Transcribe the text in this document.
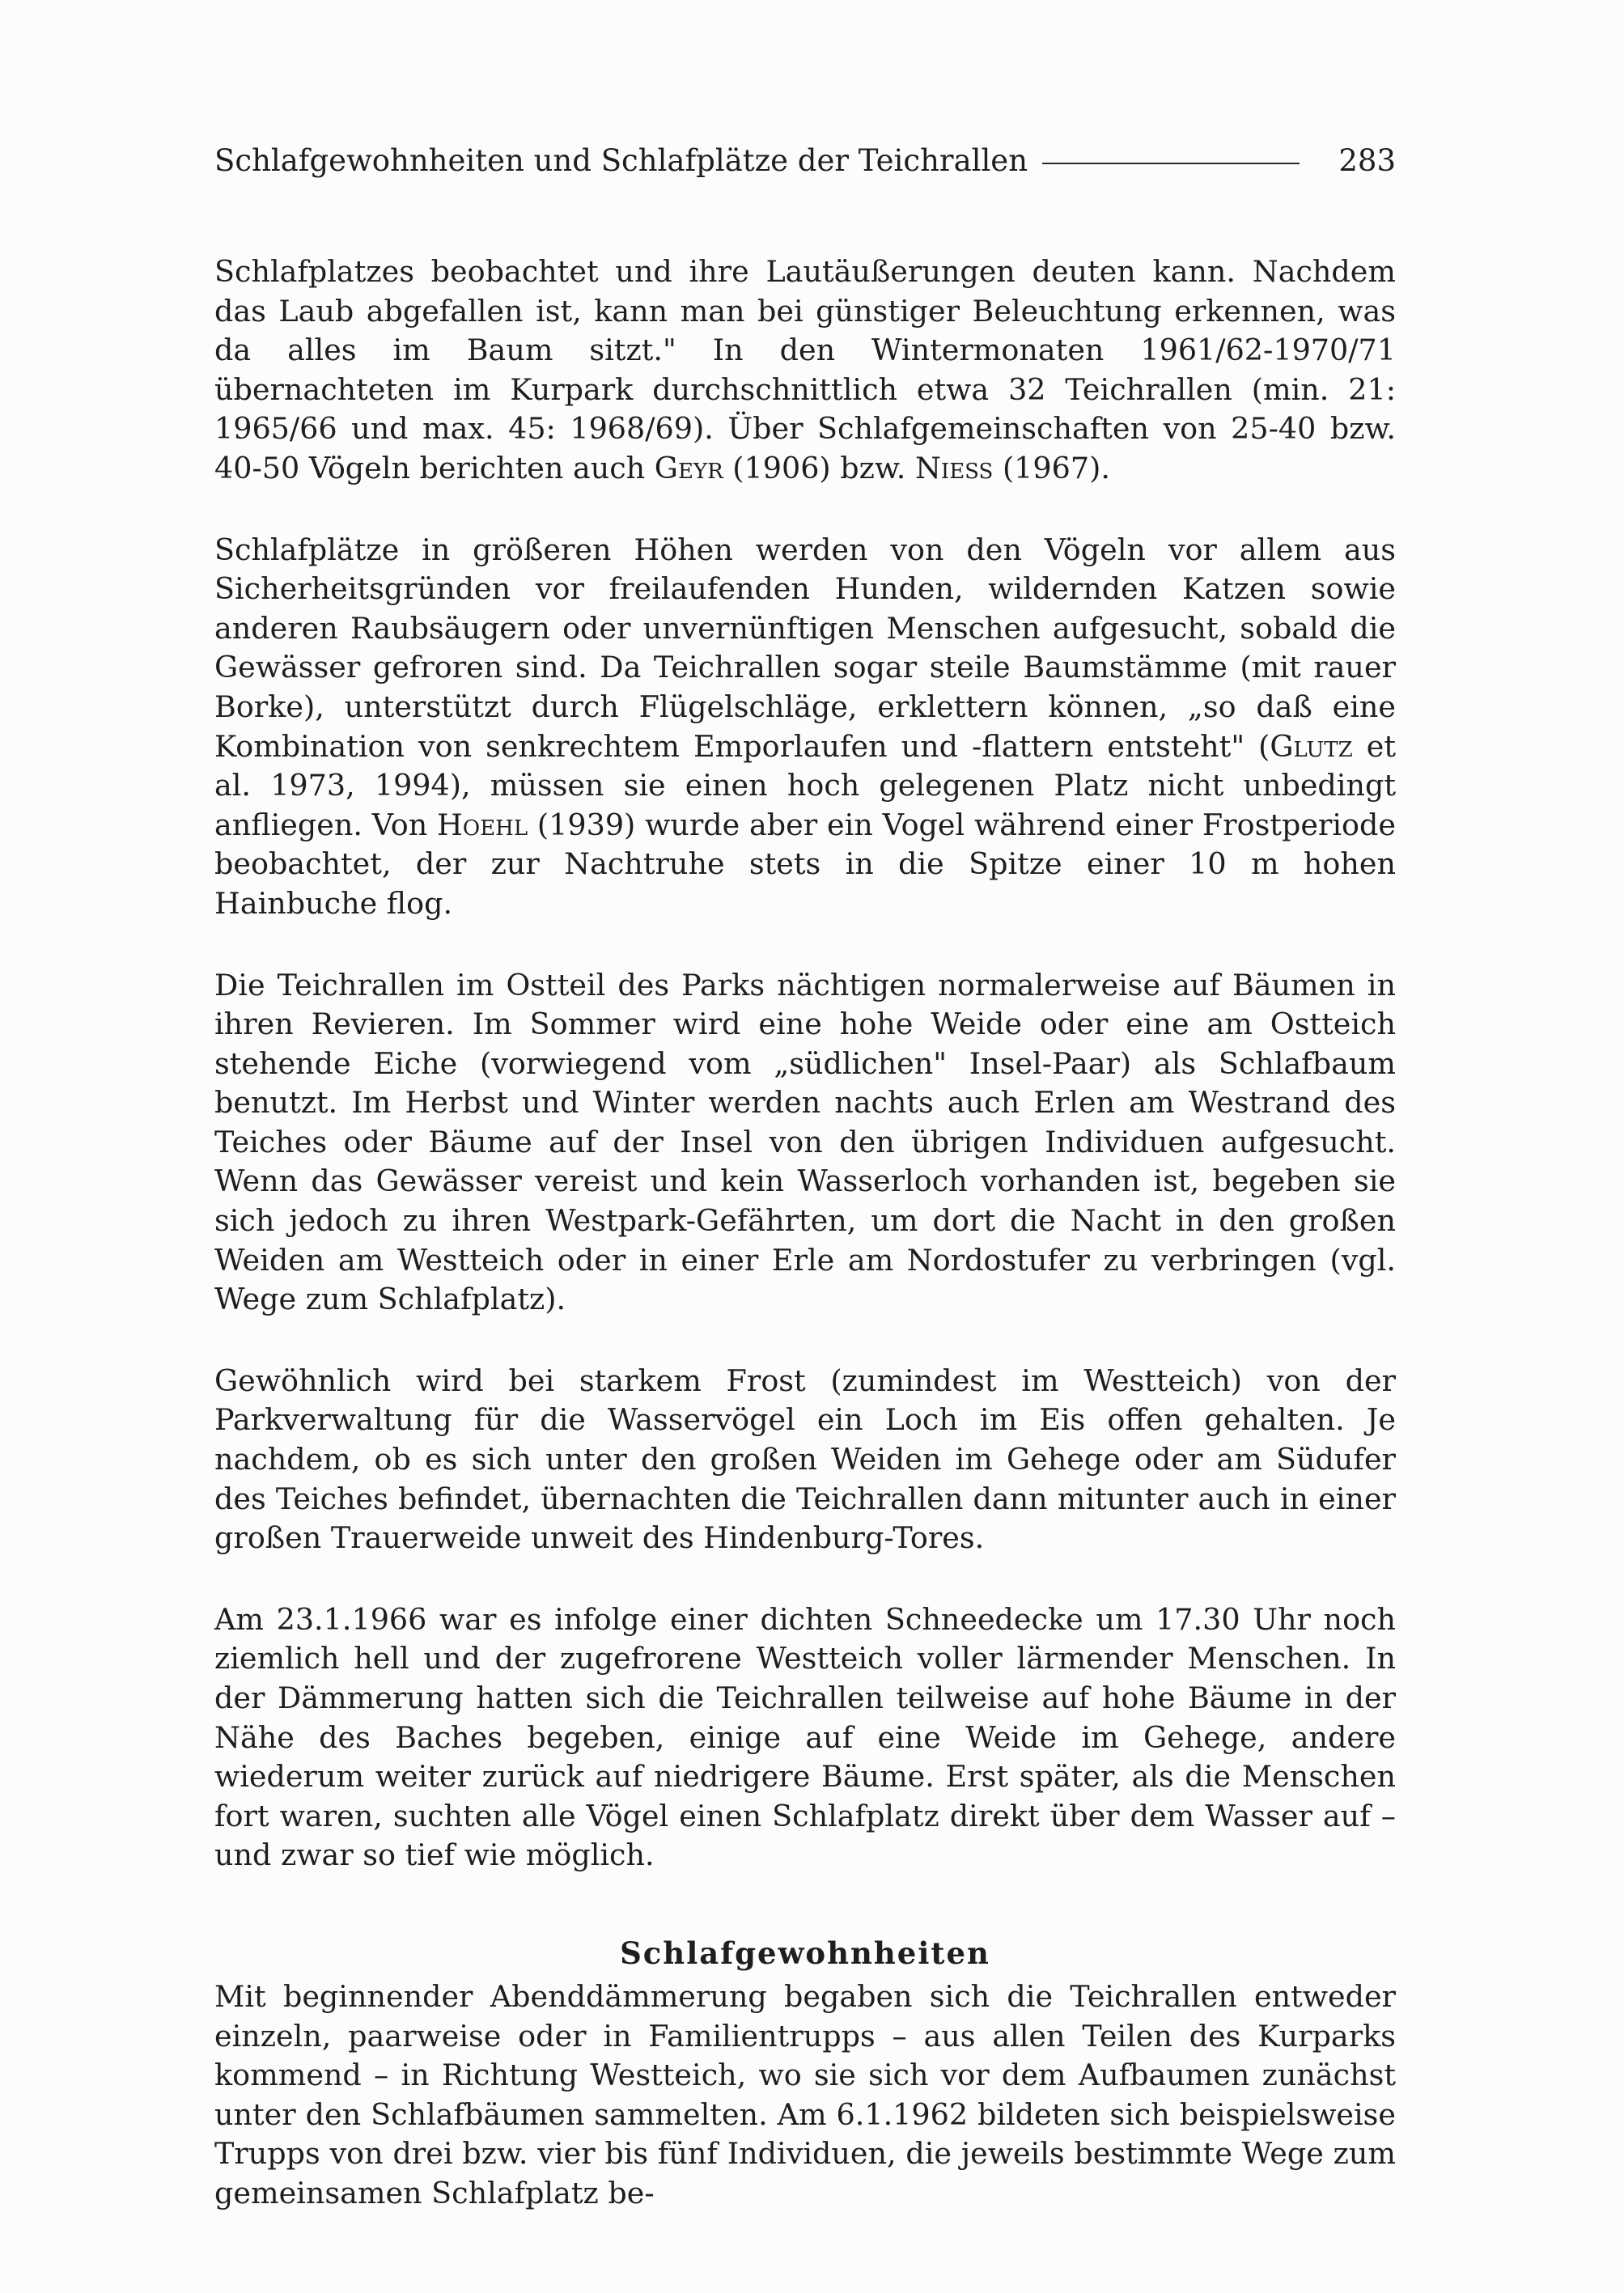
Schlafgewohnheiten und Schlafplätze der Teichrallen	283

Schlafplatzes beobachtet und ihre Lautäußerungen deuten kann. Nachdem das Laub abgefallen ist, kann man bei günstiger Beleuchtung erkennen, was da alles im Baum sitzt." In den Wintermonaten 1961/62-1970/71 übernachteten im Kurpark durchschnittlich etwa 32 Teichrallen (min. 21: 1965/66 und max. 45: 1968/69). Über Schlafgemeinschaften von 25-40 bzw. 40-50 Vögeln berichten auch Geyr (1906) bzw. Nieß (1967).

Schlafplätze in größeren Höhen werden von den Vögeln vor allem aus Sicherheitsgründen vor freilaufenden Hunden, wildernden Katzen sowie anderen Raubsäugern oder unvernünftigen Menschen aufgesucht, sobald die Gewässer gefroren sind. Da Teichrallen sogar steile Baumstämme (mit rauer Borke), unterstützt durch Flügelschläge, erklettern können, „so daß eine Kombination von senkrechtem Emporlaufen und -flattern entsteht" (Glutz et al. 1973, 1994), müssen sie einen hoch gelegenen Platz nicht unbedingt anfliegen. Von Hoehl (1939) wurde aber ein Vogel während einer Frostperiode beobachtet, der zur Nachtruhe stets in die Spitze einer 10 m hohen Hainbuche flog.

Die Teichrallen im Ostteil des Parks nächtigen normalerweise auf Bäumen in ihren Revieren. Im Sommer wird eine hohe Weide oder eine am Ostteich stehende Eiche (vorwiegend vom „südlichen" Insel-Paar) als Schlafbaum benutzt. Im Herbst und Winter werden nachts auch Erlen am Westrand des Teiches oder Bäume auf der Insel von den übrigen Individuen aufgesucht. Wenn das Gewässer vereist und kein Wasserloch vorhanden ist, begeben sie sich jedoch zu ihren Westpark-Gefährten, um dort die Nacht in den großen Weiden am Westteich oder in einer Erle am Nordostufer zu verbringen (vgl. Wege zum Schlafplatz).

Gewöhnlich wird bei starkem Frost (zumindest im Westteich) von der Parkverwaltung für die Wasservögel ein Loch im Eis offen gehalten. Je nachdem, ob es sich unter den großen Weiden im Gehege oder am Südufer des Teiches befindet, übernachten die Teichrallen dann mitunter auch in einer großen Trauerweide unweit des Hindenburg-Tores.

Am 23.1.1966 war es infolge einer dichten Schneedecke um 17.30 Uhr noch ziemlich hell und der zugefrorene Westteich voller lärmender Menschen. In der Dämmerung hatten sich die Teichrallen teilweise auf hohe Bäume in der Nähe des Baches begeben, einige auf eine Weide im Gehege, andere wiederum weiter zurück auf niedrigere Bäume. Erst später, als die Menschen fort waren, suchten alle Vögel einen Schlafplatz direkt über dem Wasser auf – und zwar so tief wie möglich.

Schlafgewohnheiten

Mit beginnender Abenddämmerung begaben sich die Teichrallen entweder einzeln, paarweise oder in Familientrupps – aus allen Teilen des Kurparks kommend – in Richtung Westteich, wo sie sich vor dem Aufbaumen zunächst unter den Schlafbäumen sammelten. Am 6.1.1962 bildeten sich beispielsweise Trupps von drei bzw. vier bis fünf Individuen, die jeweils bestimmte Wege zum gemeinsamen Schlafplatz be-
